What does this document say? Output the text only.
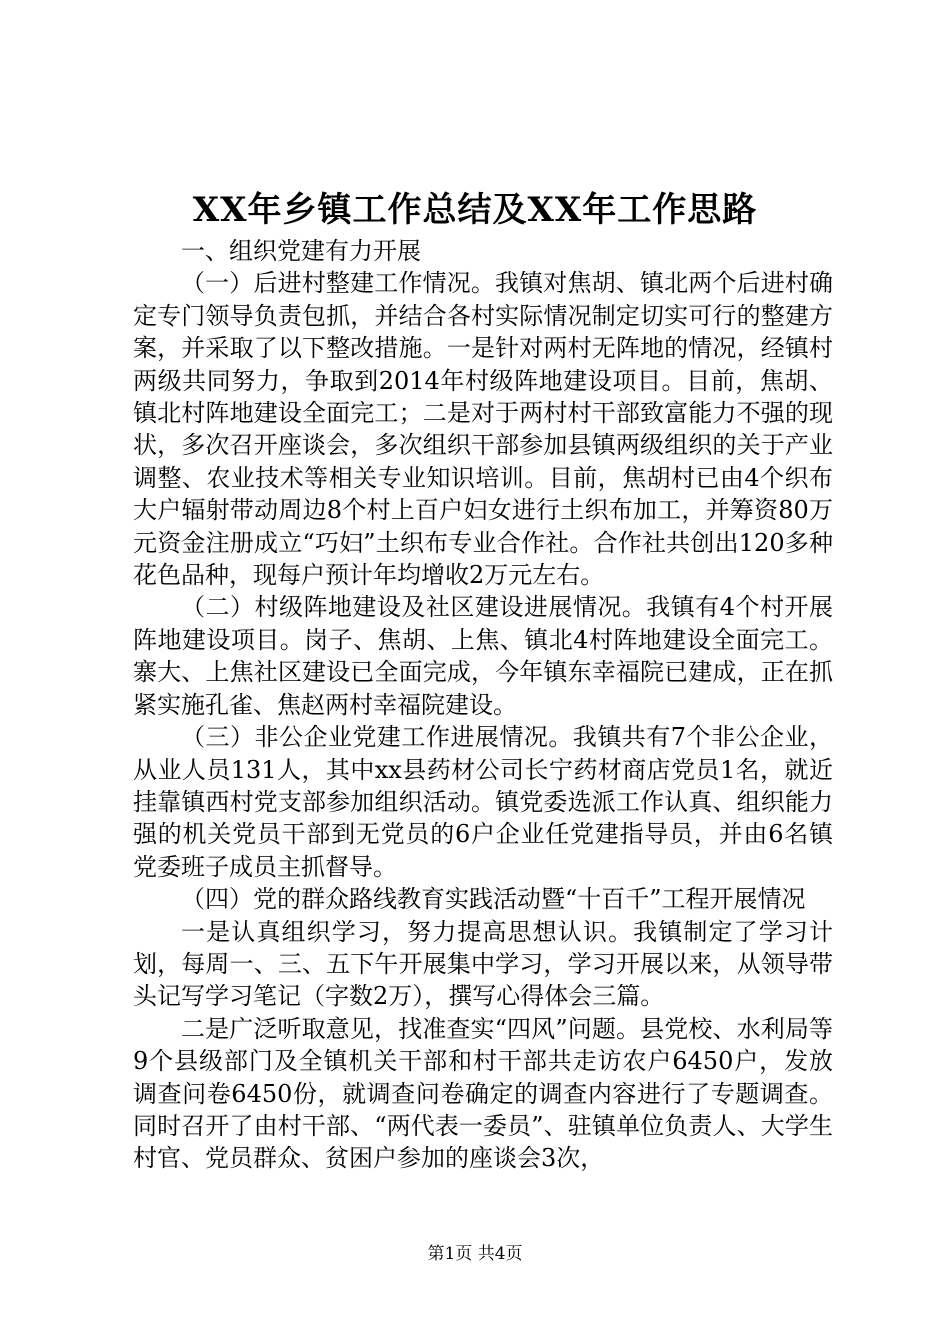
XX年乡镇工作总结及XX年工作思路

一、组织党建有力开展

（一）后进村整建工作情况。我镇对焦胡、镇北两个后进村确定专门领导负责包抓，并结合各村实际情况制定切实可行的整建方案，并采取了以下整改措施。一是针对两村无阵地的情况，经镇村两级共同努力，争取到2014年村级阵地建设项目。目前，焦胡、镇北村阵地建设全面完工；二是对于两村村干部致富能力不强的现状，多次召开座谈会，多次组织干部参加县镇两级组织的关于产业调整、农业技术等相关专业知识培训。目前，焦胡村已由4个织布大户辐射带动周边8个村上百户妇女进行土织布加工，并筹资80万元资金注册成立“巧妇”土织布专业合作社。合作社共创出120多种花色品种，现每户预计年均增收2万元左右。

（二）村级阵地建设及社区建设进展情况。我镇有4个村开展阵地建设项目。岗子、焦胡、上焦、镇北4村阵地建设全面完工。寨大、上焦社区建设已全面完成，今年镇东幸福院已建成，正在抓紧实施孔雀、焦赵两村幸福院建设。

（三）非公企业党建工作进展情况。我镇共有7个非公企业，从业人员131人，其中xx县药材公司长宁药材商店党员1名，就近挂靠镇西村党支部参加组织活动。镇党委选派工作认真、组织能力强的机关党员干部到无党员的6户企业任党建指导员，并由6名镇党委班子成员主抓督导。

（四）党的群众路线教育实践活动暨“十百千”工程开展情况

一是认真组织学习，努力提高思想认识。我镇制定了学习计划，每周一、三、五下午开展集中学习，学习开展以来，从领导带头记写学习笔记（字数2万），撰写心得体会三篇。

二是广泛听取意见，找准查实“四风”问题。县党校、水利局等9个县级部门及全镇机关干部和村干部共走访农户6450户，发放调查问卷6450份，就调查问卷确定的调查内容进行了专题调查。同时召开了由村干部、“两代表一委员”、驻镇单位负责人、大学生村官、党员群众、贫困户参加的座谈会3次，

第1页 共4页
